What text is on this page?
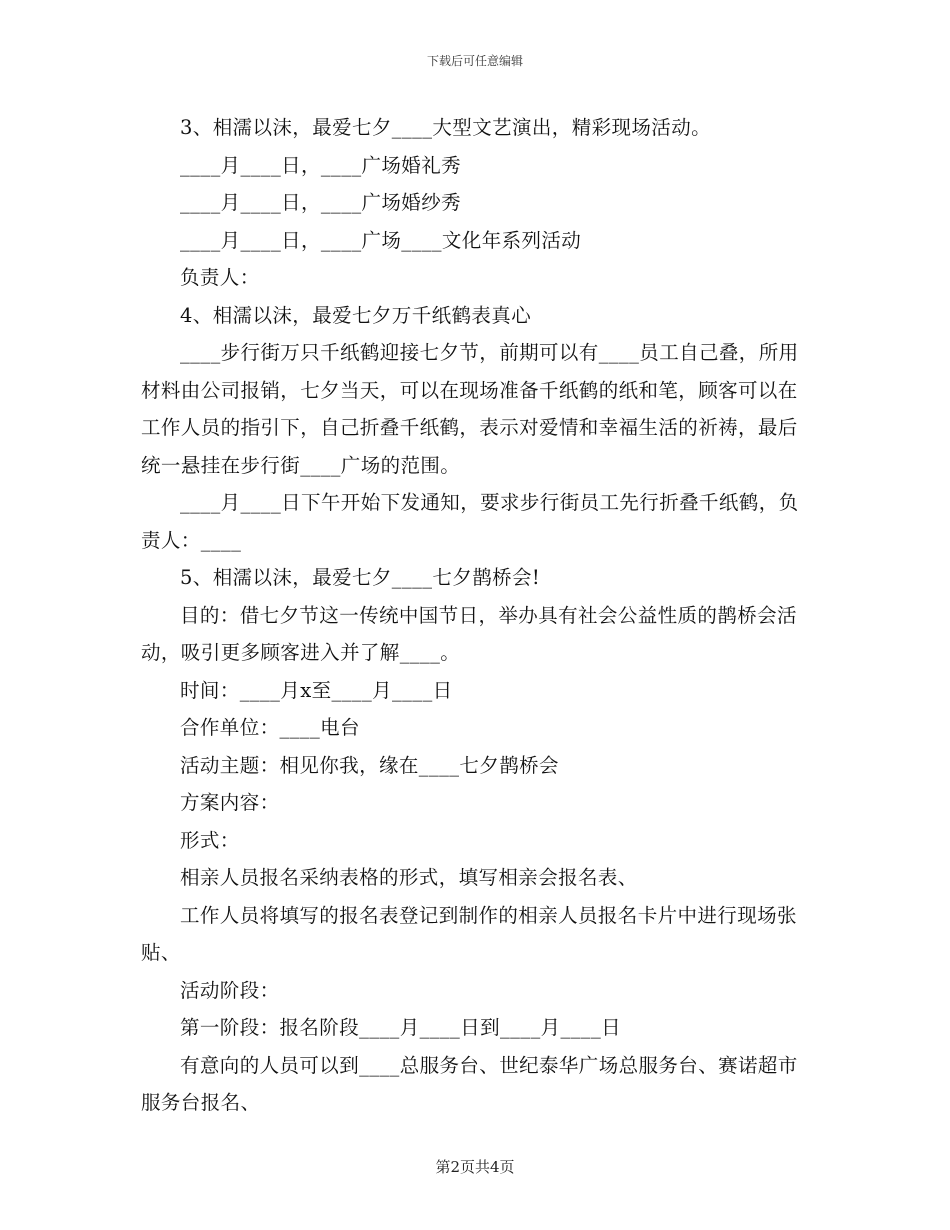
下载后可任意编辑

3、相濡以沫，最爱七夕____大型文艺演出，精彩现场活动。

____月____日，____广场婚礼秀

____月____日，____广场婚纱秀

____月____日，____广场____文化年系列活动

负责人：

4、相濡以沫，最爱七夕万千纸鹤表真心

____步行街万只千纸鹤迎接七夕节，前期可以有____员工自己叠，所用材料由公司报销，七夕当天，可以在现场准备千纸鹤的纸和笔，顾客可以在工作人员的指引下，自己折叠千纸鹤，表示对爱情和幸福生活的祈祷，最后统一悬挂在步行街____广场的范围。

____月____日下午开始下发通知，要求步行街员工先行折叠千纸鹤，负责人：____

5、相濡以沫，最爱七夕____七夕鹊桥会!

目的：借七夕节这一传统中国节日，举办具有社会公益性质的鹊桥会活动，吸引更多顾客进入并了解____。

时间：____月x至____月____日

合作单位：____电台

活动主题：相见你我，缘在____七夕鹊桥会

方案内容：

形式：

相亲人员报名采纳表格的形式，填写相亲会报名表、

工作人员将填写的报名表登记到制作的相亲人员报名卡片中进行现场张贴、

活动阶段：

第一阶段：报名阶段____月____日到____月____日

有意向的人员可以到____总服务台、世纪泰华广场总服务台、赛诺超市服务台报名、

第2页共4页
